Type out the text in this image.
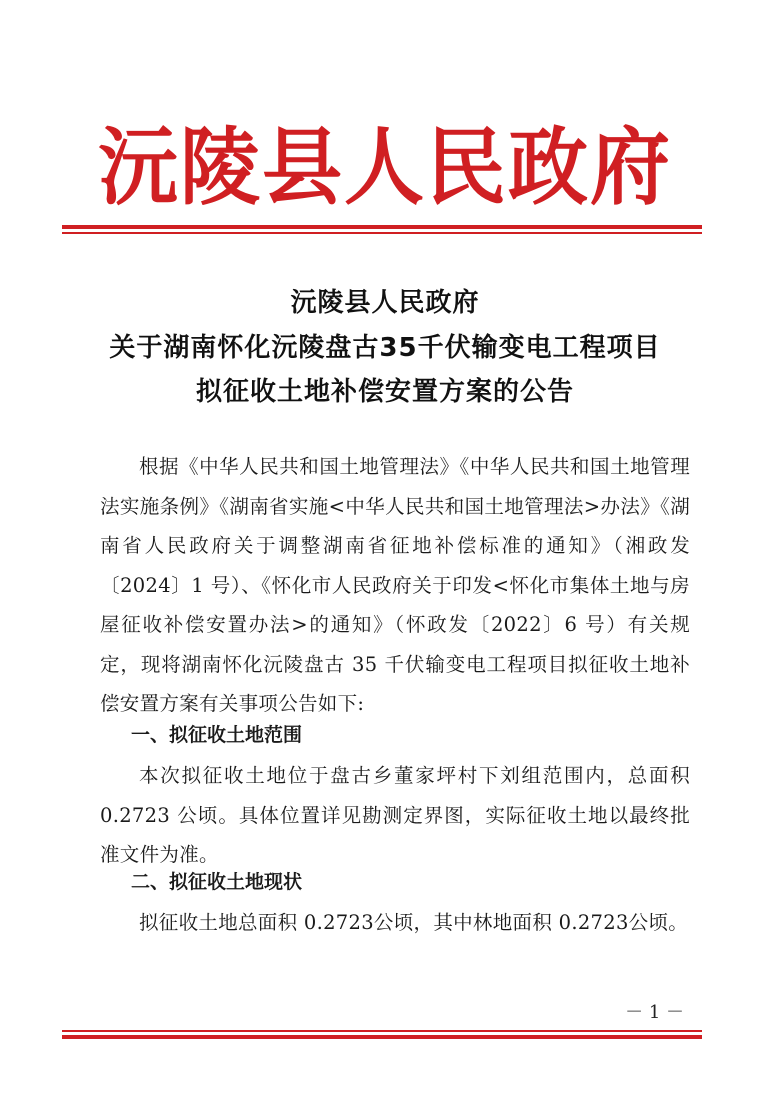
沅陵县人民政府
沅陵县人民政府
关于湖南怀化沅陵盘古35千伏输变电工程项目
拟征收土地补偿安置方案的公告

根据《中华人民共和国土地管理法》《中华人民共和国土地管理法实施条例》《湖南省实施<中华人民共和国土地管理法>办法》《湖南省人民政府关于调整湖南省征地补偿标准的通知》（湘政发〔2024〕1 号）、《怀化市人民政府关于印发<怀化市集体土地与房屋征收补偿安置办法>的通知》（怀政发〔2022〕6 号）有关规定，现将湖南怀化沅陵盘古 35 千伏输变电工程项目拟征收土地补偿安置方案有关事项公告如下:

一、拟征收土地范围

本次拟征收土地位于盘古乡董家坪村下刘组范围内，总面积 0.2723 公顷。具体位置详见勘测定界图，实际征收土地以最终批准文件为准。

二、拟征收土地现状

拟征收土地总面积 0.2723公顷，其中林地面积 0.2723公顷。

－ 1 －
